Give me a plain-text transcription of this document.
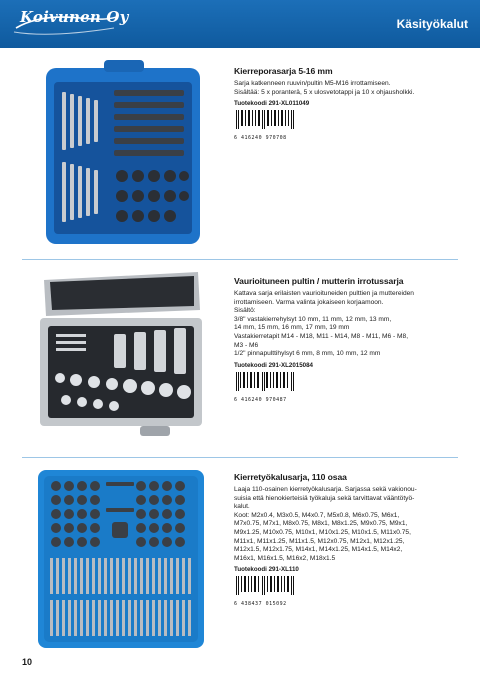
Koivunen Oy	Käsityökalut

Kierreporasarja 5-16 mm

Sarja katkenneen ruuvin/pultin M5-M16 irrottamiseen.

Sisältää: 5 x poranterä, 5 x ulosvetotappi ja 10 x ohjausholkki.

Tuotekoodi 291-XL011049
6 416240 970708

Vaurioituneen pultin / mutterin irrotussarja

Kattava sarja erilaisten vaurioituneiden pulttien ja muttereiden

irrottamiseen. Varma valinta jokaiseen korjaamoon.

Sisältö:

3/8" vastakierrehylsyt 10 mm, 11 mm, 12 mm, 13 mm,

14 mm, 15 mm, 16 mm, 17 mm, 19 mm

Vastakierretapit M14 - M18, M11 - M14, M8 - M11, M6 - M8,

M3 - M6

1/2" pinnapulttihylsyt 6 mm, 8 mm, 10 mm, 12 mm

Tuotekoodi 291-XL2015084
6 416240 970487

Kierretyökalusarja, 110 osaa

Laaja 110-osainen kierretyökalusarja. Sarjassa sekä vakionou-

suisia että hienokierteisiä työkaluja sekä tarvittavat vääntötyö-

kalut.

Koot: M2x0.4, M3x0.5, M4x0.7, M5x0.8, M6x0.75, M6x1,

M7x0.75, M7x1, M8x0.75, M8x1, M8x1.25, M9x0.75, M9x1,

M9x1.25, M10x0.75, M10x1, M10x1.25, M10x1.5, M11x0.75,

M11x1, M11x1.25, M11x1.5, M12x0.75, M12x1, M12x1.25,

M12x1.5, M12x1.75, M14x1, M14x1.25, M14x1.5, M14x2,

M16x1, M16x1.5, M16x2, M18x1.5

Tuotekoodi 291-XL110
6 438437 015092
10
